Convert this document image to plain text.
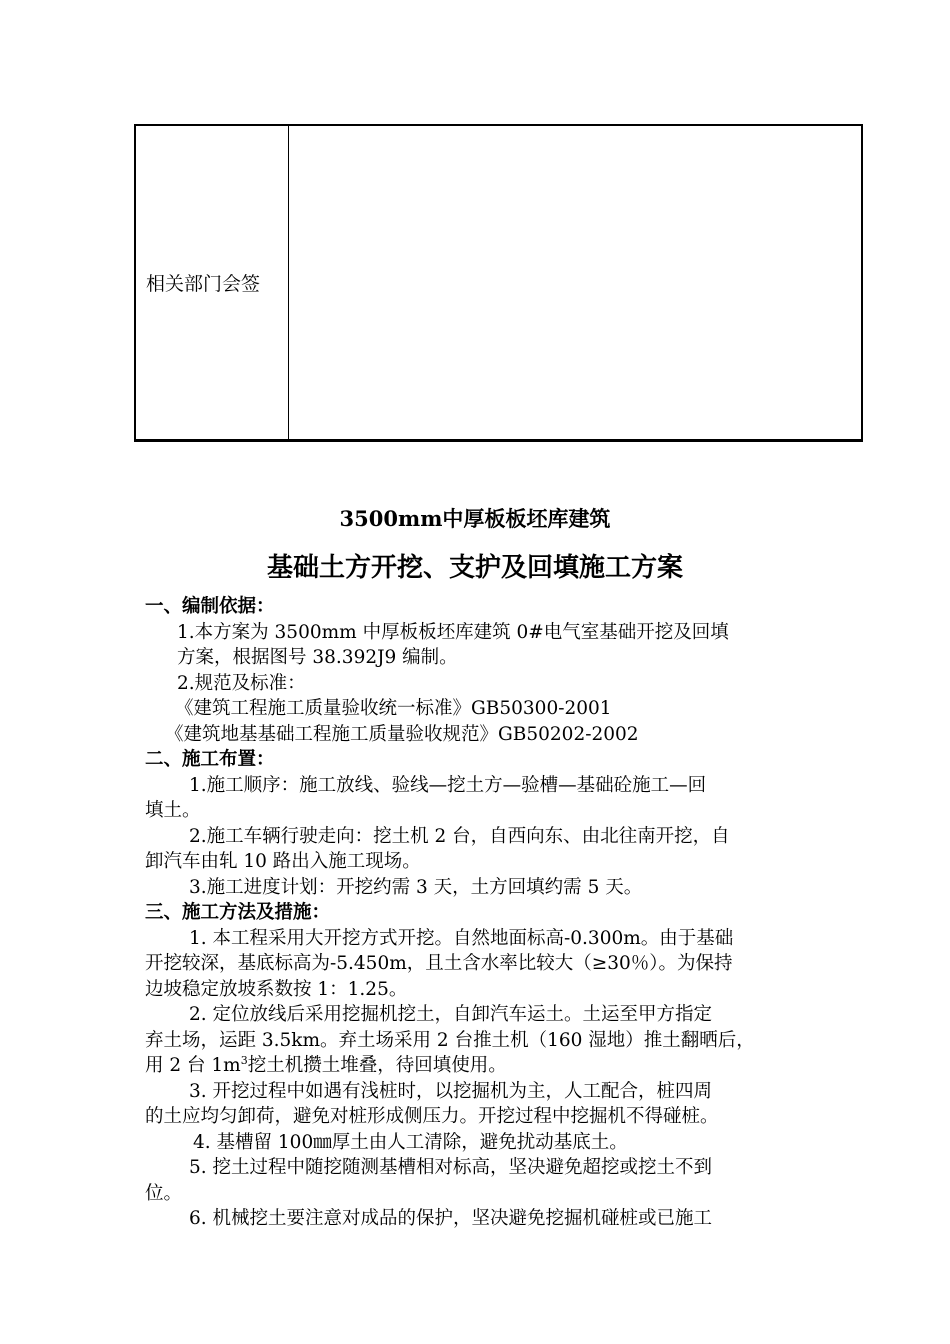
相关部门会签
3500mm中厚板板坯库建筑
基础土方开挖、支护及回填施工方案
一、编制依据：
1.本方案为 3500mm 中厚板板坯库建筑 0#电气室基础开挖及回填
方案，根据图号 38.392J9 编制。
2.规范及标准：
《建筑工程施工质量验收统一标准》GB50300-2001
《建筑地基基础工程施工质量验收规范》GB50202-2002
二、施工布置：
1.施工顺序：施工放线、验线—挖土方—验槽—基础砼施工—回
填土。
2.施工车辆行驶走向：挖土机 2 台，自西向东、由北往南开挖，自
卸汽车由轧 10 路出入施工现场。
3.施工进度计划：开挖约需 3 天，土方回填约需 5 天。
三、施工方法及措施：
1. 本工程采用大开挖方式开挖。自然地面标高-0.300m。由于基础
开挖较深，基底标高为-5.450m，且土含水率比较大（≥30％）。为保持
边坡稳定放坡系数按 1：1.25。
2. 定位放线后采用挖掘机挖土，自卸汽车运土。土运至甲方指定
弃土场，运距 3.5km。弃土场采用 2 台推土机（160 湿地）推土翻晒后，
用 2 台 $1m^3$挖土机攒土堆叠，待回填使用。
3. 开挖过程中如遇有浅桩时，以挖掘机为主，人工配合，桩四周
的土应均匀卸荷，避免对桩形成侧压力。开挖过程中挖掘机不得碰桩。
4. 基槽留 100㎜厚土由人工清除，避免扰动基底土。
5. 挖土过程中随挖随测基槽相对标高，坚决避免超挖或挖土不到
位。
6. 机械挖土要注意对成品的保护，坚决避免挖掘机碰桩或已施工
